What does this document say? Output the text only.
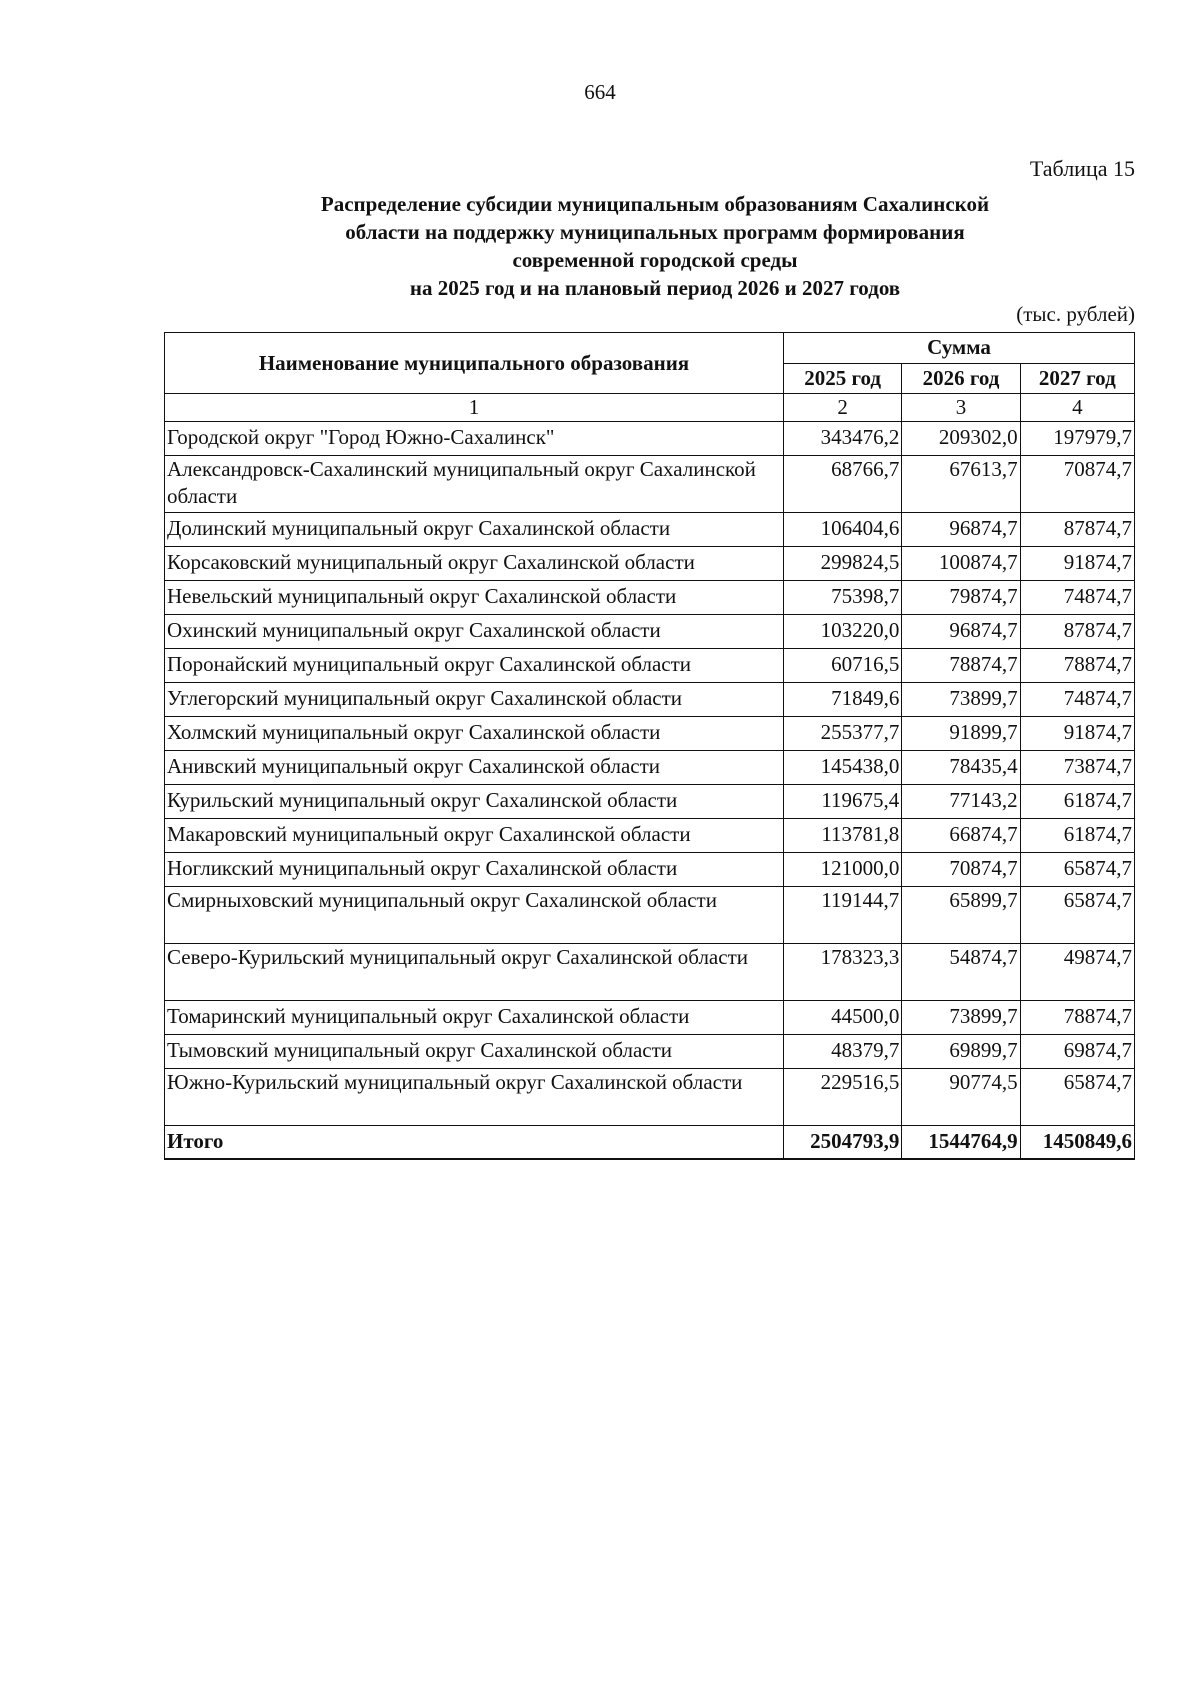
664
Таблица 15
Распределение субсидии муниципальным образованиям Сахалинской
области на поддержку муниципальных программ формирования
современной городской среды
на 2025 год и на плановый период 2026 и 2027 годов
(тыс. рублей)
Наименование муниципального образования	Сумма		
	2025 год	2026 год	2027 год
1	2	3	4
Городской округ "Город Южно-Сахалинск"	343476,2	209302,0	197979,7
Александровск-Сахалинский муниципальный округ Сахалинской области	68766,7	67613,7	70874,7
Долинский муниципальный округ Сахалинской области	106404,6	96874,7	87874,7
Корсаковский муниципальный округ Сахалинской области	299824,5	100874,7	91874,7
Невельский муниципальный округ Сахалинской области	75398,7	79874,7	74874,7
Охинский муниципальный округ Сахалинской области	103220,0	96874,7	87874,7
Поронайский муниципальный округ Сахалинской области	60716,5	78874,7	78874,7
Углегорский муниципальный округ Сахалинской области	71849,6	73899,7	74874,7
Холмский муниципальный округ Сахалинской области	255377,7	91899,7	91874,7
Анивский муниципальный округ Сахалинской области	145438,0	78435,4	73874,7
Курильский муниципальный округ Сахалинской области	119675,4	77143,2	61874,7
Макаровский муниципальный округ Сахалинской области	113781,8	66874,7	61874,7
Ногликский муниципальный округ Сахалинской области	121000,0	70874,7	65874,7
Смирныховский муниципальный округ Сахалинской области	119144,7	65899,7	65874,7
Северо-Курильский муниципальный округ Сахалинской области	178323,3	54874,7	49874,7
Томаринский муниципальный округ Сахалинской области	44500,0	73899,7	78874,7
Тымовский муниципальный округ Сахалинской области	48379,7	69899,7	69874,7
Южно-Курильский муниципальный округ Сахалинской области	229516,5	90774,5	65874,7
Итого	2504793,9	1544764,9	1450849,6
